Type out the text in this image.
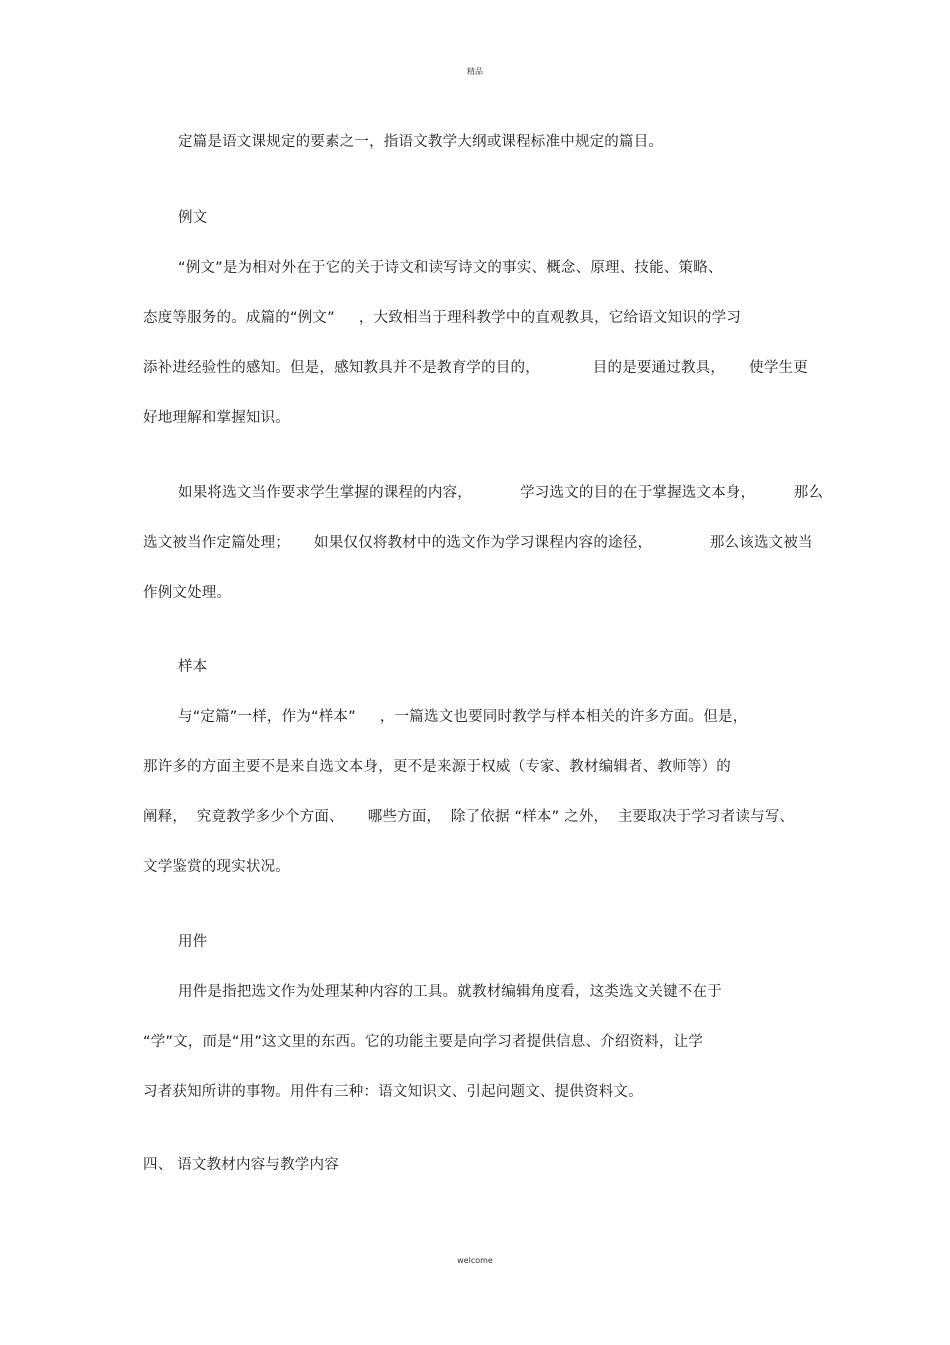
精品
定篇是语文课规定的要素之一，指语文教学大纲或课程标准中规定的篇目。
例文
“例文”是为相对外在于它的关于诗文和读写诗文的事实、概念、原理、技能、策略、
态度等服务的。成篇的“例文”     ，大致相当于理科教学中的直观教具，它给语文知识的学习
添补进经验性的感知。但是，感知教具并不是教育学的目的，           目的是要通过教具，     使学生更
好地理解和掌握知识。
如果将选文当作要求学生掌握的课程的内容，          学习选文的目的在于掌握选文本身，        那么
选文被当作定篇处理；     如果仅仅将教材中的选文作为学习课程内容的途径，            那么该选文被当
作例文处理。
样本
与“定篇”一样，作为“样本”     ，一篇选文也要同时教学与样本相关的许多方面。但是，
那许多的方面主要不是来自选文本身，更不是来源于权威（专家、教材编辑者、教师等）的
阐释，  究竟教学多少个方面、     哪些方面，  除了依据 “样本” 之外，  主要取决于学习者读与写、
文学鉴赏的现实状况。
用件
用件是指把选文作为处理某种内容的工具。就教材编辑角度看，这类选文关键不在于
“学”文，而是“用”这文里的东西。它的功能主要是向学习者提供信息、介绍资料，让学
习者获知所讲的事物。用件有三种：语文知识文、引起问题文、提供资料文。
四、 语文教材内容与教学内容
welcome
